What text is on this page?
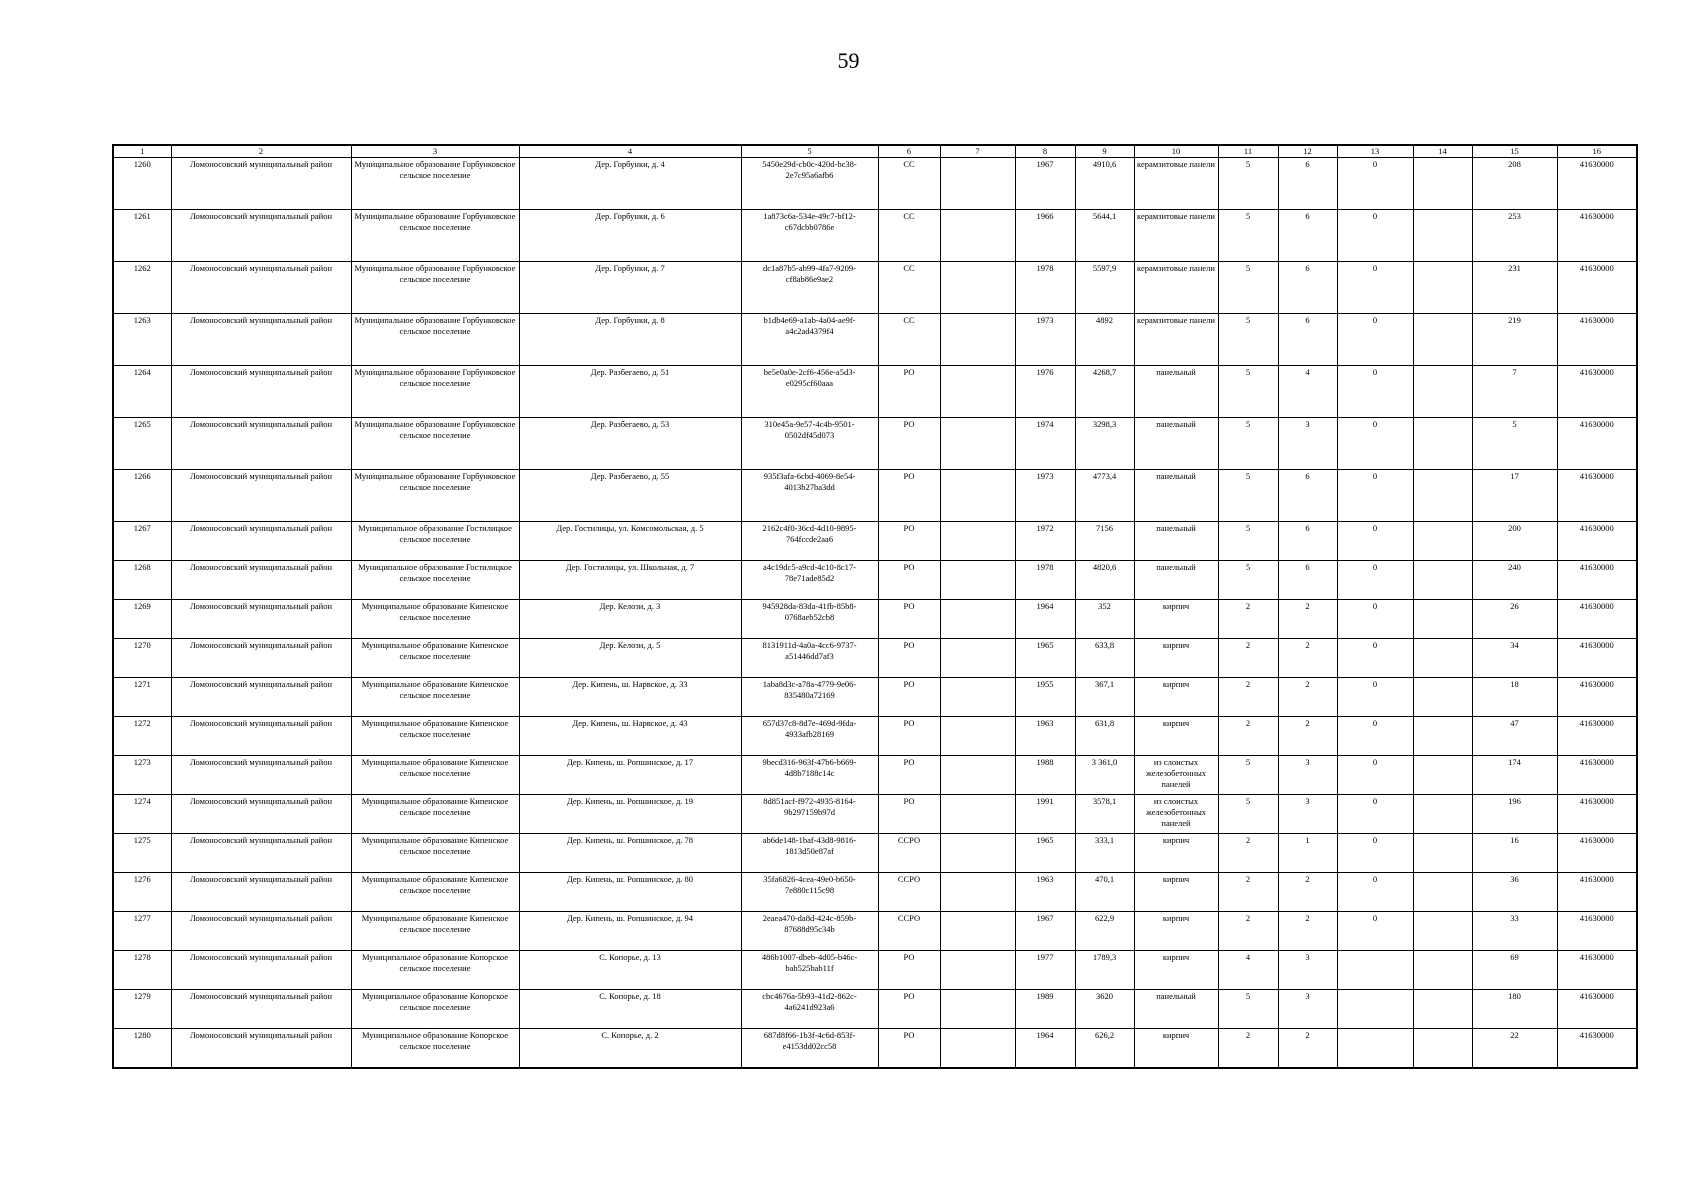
59
1	2	3	4	5	6	7	8	9	10	11	12	13	14	15	16
1260	Ломоносовский муниципальный район	Муниципальное образование Горбунковское сельское поселение	Дер. Горбунки, д. 4	5450e29d-cb0c-420d-bc38-2e7c95a6afb6	СС		1967	4910,6	керамзитовые панели	5	6	0		208	41630000
1261	Ломоносовский муниципальный район	Муниципальное образование Горбунковское сельское поселение	Дер. Горбунки, д. 6	1a873c6a-534e-49c7-bf12-c67dcbb0786e	СС		1966	5644,1	керамзитовые панели	5	6	0		253	41630000
1262	Ломоносовский муниципальный район	Муниципальное образование Горбунковское сельское поселение	Дер. Горбунки, д. 7	dc1a87b5-ab99-4fa7-9209-cf8ab86e9ae2	СС		1978	5597,9	керамзитовые панели	5	6	0		231	41630000
1263	Ломоносовский муниципальный район	Муниципальное образование Горбунковское сельское поселение	Дер. Горбунки, д. 8	b1db4e69-a1ab-4a04-ae9f-a4c2ad4379f4	СС		1973	4892	керамзитовые панели	5	6	0		219	41630000
1264	Ломоносовский муниципальный район	Муниципальное образование Горбунковское сельское поселение	Дер. Разбегаево, д. 51	be5e0a0e-2cf6-456e-a5d3-e0295cf60aaa	РО		1976	4268,7	панельный	5	4	0		7	41630000
1265	Ломоносовский муниципальный район	Муниципальное образование Горбунковское сельское поселение	Дер. Разбегаево, д. 53	310e45a-9e57-4c4b-9501-0502df45d073	РО		1974	3298,3	панельный	5	3	0		5	41630000
1266	Ломоносовский муниципальный район	Муниципальное образование Горбунковское сельское поселение	Дер. Разбегаево, д. 55	935f3afa-6cbd-4069-8e54-4013b27ba3dd	РО		1973	4773,4	панельный	5	6	0		17	41630000
1267	Ломоносовский муниципальный район	Муниципальное образование Гостилицкое сельское поселение	Дер. Гостилицы, ул. Комсомольская, д. 5	2162c4f0-36cd-4d10-9895-764fccde2aa6	РО		1972	7156	панельный	5	6	0		200	41630000
1268	Ломоносовский муниципальный район	Муниципальное образование Гостилицкое сельское поселение	Дер. Гостилицы, ул. Школьная, д. 7	a4c19dc5-a9cd-4c10-8c17-78e71ade85d2	РО		1978	4820,6	панельный	5	6	0		240	41630000
1269	Ломоносовский муниципальный район	Муниципальное образование Кипенское сельское поселение	Дер. Келози, д. 3	945928da-83da-41fb-85b8-0768aeb52cb8	РО		1964	352	кирпич	2	2	0		26	41630000
1270	Ломоносовский муниципальный район	Муниципальное образование Кипенское сельское поселение	Дер. Келози, д. 5	8131911d-4a0a-4cc6-9737-a51446dd7af3	РО		1965	633,8	кирпич	2	2	0		34	41630000
1271	Ломоносовский муниципальный район	Муниципальное образование Кипенское сельское поселение	Дер. Кипень, ш. Нарвское, д. 33	1aba8d3c-a78a-4779-9e06-835480a72169	РО		1955	367,1	кирпич	2	2	0		18	41630000
1272	Ломоносовский муниципальный район	Муниципальное образование Кипенское сельское поселение	Дер. Кипень, ш. Нарвское, д. 43	657d37c8-8d7e-469d-9fda-4933afb28169	РО		1963	631,8	кирпич	2	2	0		47	41630000
1273	Ломоносовский муниципальный район	Муниципальное образование Кипенское сельское поселение	Дер. Кипень, ш. Ропшинское, д. 17	9becd316-963f-47b6-b669-4d8b7188c14c	РО		1988	3 361,0	из слоистых железобетонных панелей	5	3	0		174	41630000
1274	Ломоносовский муниципальный район	Муниципальное образование Кипенское сельское поселение	Дер. Кипень, ш. Ропшинское, д. 19	8d851acf-f972-4935-8164-9b297159b97d	РО		1991	3578,1	из слоистых железобетонных панелей	5	3	0		196	41630000
1275	Ломоносовский муниципальный район	Муниципальное образование Кипенское сельское поселение	Дер. Кипень, ш. Ропшинское, д. 78	ab6de148-1baf-43d8-9816-1813d50e87af	ССРО		1965	333,1	кирпич	2	1	0		16	41630000
1276	Ломоносовский муниципальный район	Муниципальное образование Кипенское сельское поселение	Дер. Кипень, ш. Ропшинское, д. 80	35fa6826-4cea-49e0-b650-7e880c115c98	ССРО		1963	470,1	кирпич	2	2	0		36	41630000
1277	Ломоносовский муниципальный район	Муниципальное образование Кипенское сельское поселение	Дер. Кипень, ш. Ропшинское, д. 94	2eaea470-da8d-424c-859b-87688d95c34b	ССРО		1967	622,9	кирпич	2	2	0		33	41630000
1278	Ломоносовский муниципальный район	Муниципальное образование Копорское сельское поселение	С. Копорье, д. 13	486b1007-dbeb-4d05-b46c-bab525bab11f	РО		1977	1789,3	кирпич	4	3			69	41630000
1279	Ломоносовский муниципальный район	Муниципальное образование Копорское сельское поселение	С. Копорье, д. 18	cbc4676a-5b93-41d2-862c-4a6241d923a6	РО		1989	3620	панельный	5	3			180	41630000
1280	Ломоносовский муниципальный район	Муниципальное образование Копорское сельское поселение	С. Копорье, д. 2	687d8f66-1b3f-4c6d-853f-e4153dd02cc58	РО		1964	626,2	кирпич	2	2			22	41630000
